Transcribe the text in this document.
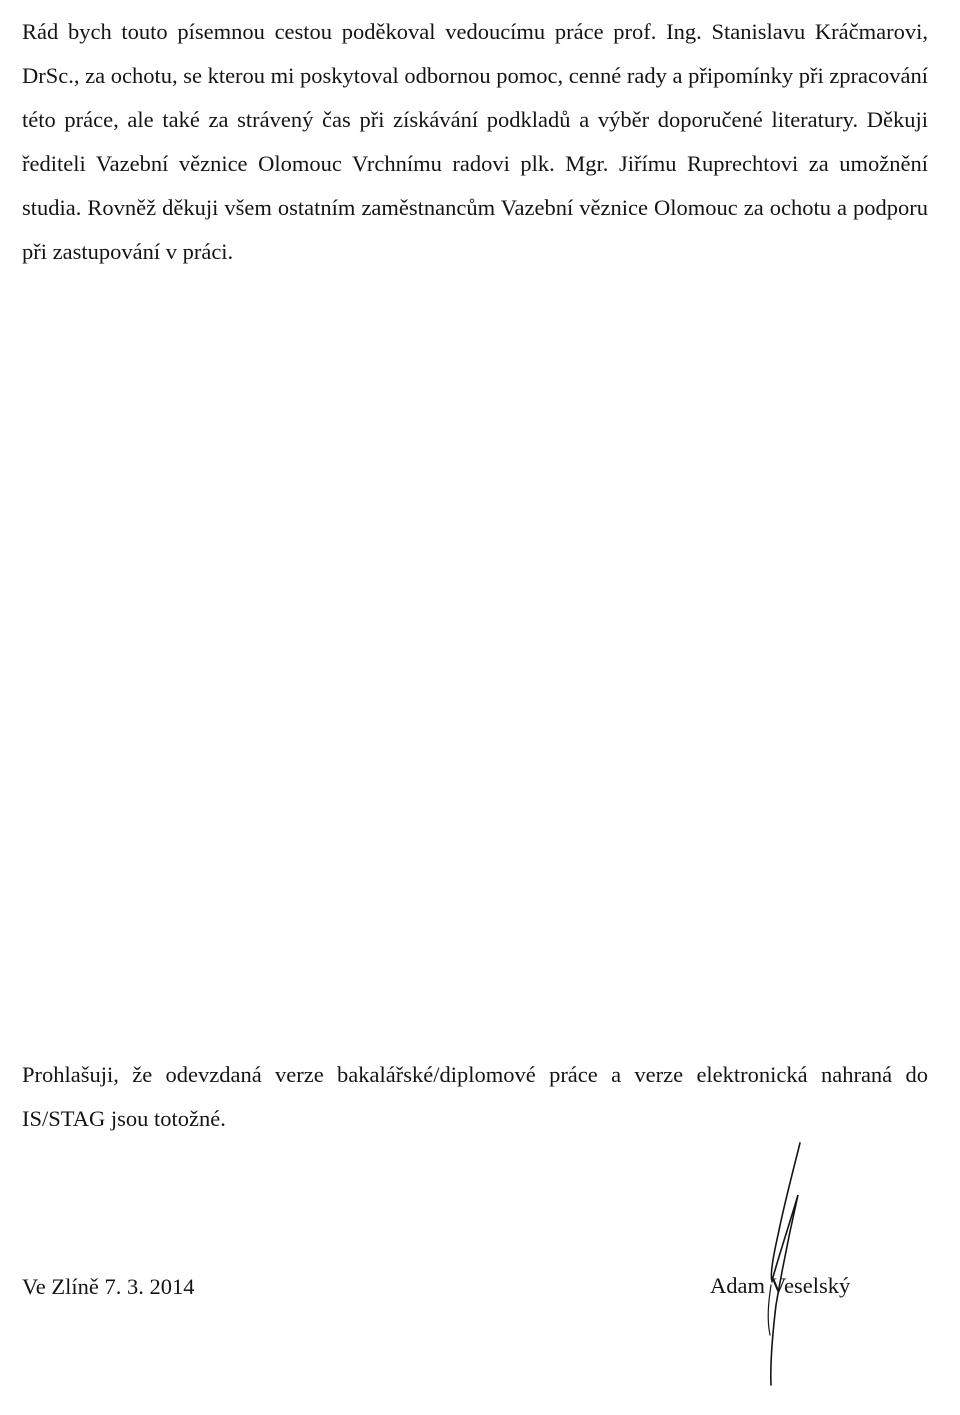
Rád bych touto písemnou cestou poděkoval vedoucímu práce prof. Ing. Stanislavu Kráčmarovi, DrSc., za ochotu, se kterou mi poskytoval odbornou pomoc, cenné rady a připomínky při zpracování této práce, ale také za strávený čas při získávání podkladů a výběr doporučené literatury. Děkuji řediteli Vazební věznice Olomouc Vrchnímu radovi plk. Mgr. Jiřímu Ruprechtovi za umožnění studia. Rovněž děkuji všem ostatním zaměstnancům Vazební věznice Olomouc za ochotu a podporu při zastupování v práci.

Prohlašuji, že odevzdaná verze bakalářské/diplomové práce a verze elektronická nahraná do IS/STAG jsou totožné.

Ve Zlíně 7. 3. 2014	Adam Veselský
